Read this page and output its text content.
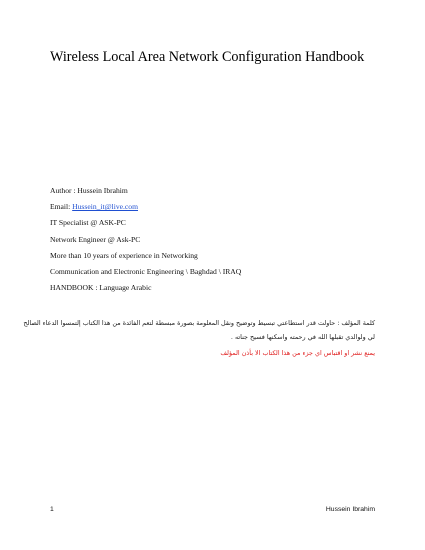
Wireless Local Area Network Configuration Handbook
Author : Hussein Ibrahim
Email: Hussein_it@live.com
IT Specialist @ ASK-PC
Network Engineer @ Ask-PC
More than 10 years of experience in Networking
Communication and Electronic Engineering \ Baghdad \ IRAQ
HANDBOOK : Language Arabic
كلمة المؤلف : حاولت قدر استطاعتي تبسيط وتوضيح ونقل المعلومة بصورة مبسطة لتعم الفائدة من هذا الكتاب إلتمسوا الدعاء الصالح
لي ولوالدي تقبلها الله في رحمته واسكنها فسيح جناته .
يمنع نشر او اقتباس اي جزء من هذا الكتاب الا بأذن المؤلف
1	Hussein Ibrahim
